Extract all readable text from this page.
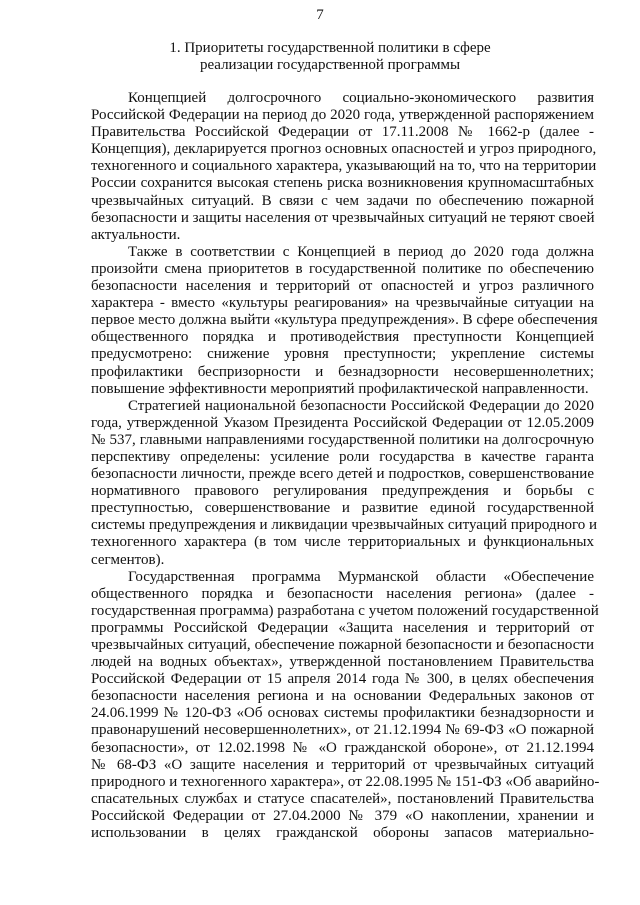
7
1. Приоритеты государственной политики в сфере
реализации государственной программы
Концепцией долгосрочного социально-экономического развития
Российской Федерации на период до 2020 года, утвержденной распоряжением
Правительства Российской Федерации от 17.11.2008 № 1662-р (далее -
Концепция), декларируется прогноз основных опасностей и угроз природного,
техногенного и социального характера, указывающий на то, что на территории
России сохранится высокая степень риска возникновения крупномасштабных
чрезвычайных ситуаций. В связи с чем задачи по обеспечению пожарной
безопасности и защиты населения от чрезвычайных ситуаций не теряют своей
актуальности.
Также в соответствии с Концепцией в период до 2020 года должна
произойти смена приоритетов в государственной политике по обеспечению
безопасности населения и территорий от опасностей и угроз различного
характера - вместо «культуры реагирования» на чрезвычайные ситуации на
первое место должна выйти «культура предупреждения». В сфере обеспечения
общественного порядка и противодействия преступности Концепцией
предусмотрено: снижение уровня преступности; укрепление системы
профилактики беспризорности и безнадзорности несовершеннолетних;
повышение эффективности мероприятий профилактической направленности.
Стратегией национальной безопасности Российской Федерации до 2020
года, утвержденной Указом Президента Российской Федерации от 12.05.2009
№ 537, главными направлениями государственной политики на долгосрочную
перспективу определены: усиление роли государства в качестве гаранта
безопасности личности, прежде всего детей и подростков, совершенствование
нормативного правового регулирования предупреждения и борьбы с
преступностью, совершенствование и развитие единой государственной
системы предупреждения и ликвидации чрезвычайных ситуаций природного и
техногенного характера (в том числе территориальных и функциональных
сегментов).
Государственная программа Мурманской области «Обеспечение
общественного порядка и безопасности населения региона» (далее -
государственная программа) разработана с учетом положений государственной
программы Российской Федерации «Защита населения и территорий от
чрезвычайных ситуаций, обеспечение пожарной безопасности и безопасности
людей на водных объектах», утвержденной постановлением Правительства
Российской Федерации от 15 апреля 2014 года № 300, в целях обеспечения
безопасности населения региона и на основании Федеральных законов от
24.06.1999 № 120-ФЗ «Об основах системы профилактики безнадзорности и
правонарушений несовершеннолетних», от 21.12.1994 № 69-ФЗ «О пожарной
безопасности», от 12.02.1998 № «О гражданской обороне», от 21.12.1994
№ 68-ФЗ «О защите населения и территорий от чрезвычайных ситуаций
природного и техногенного характера», от 22.08.1995 № 151-ФЗ «Об аварийно-
спасательных службах и статусе спасателей», постановлений Правительства
Российской Федерации от 27.04.2000 № 379 «О накоплении, хранении и
использовании в целях гражданской обороны запасов материально-
